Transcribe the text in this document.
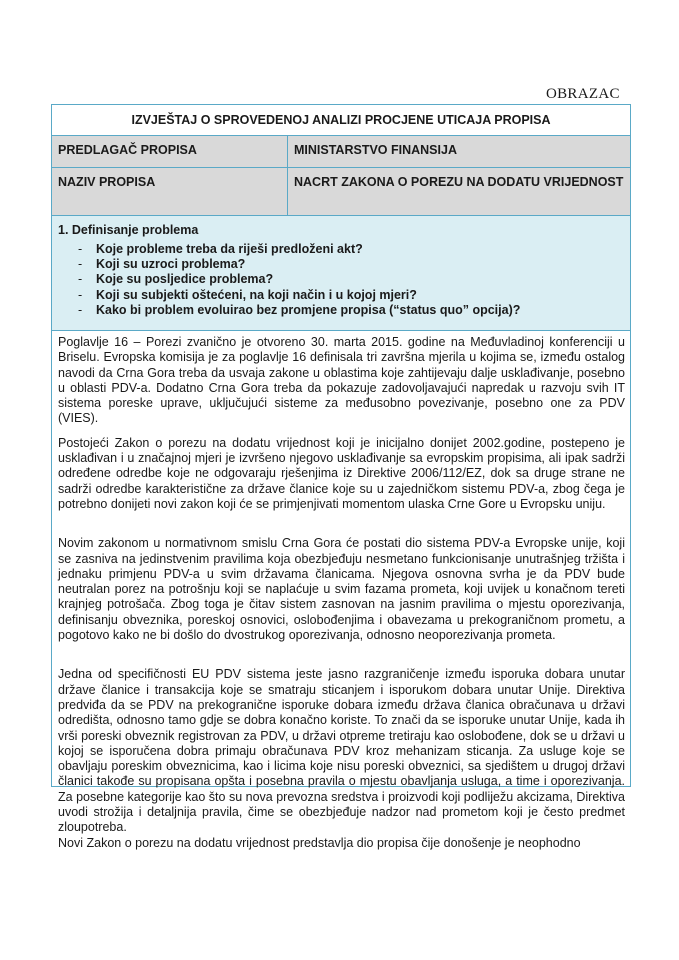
OBRAZAC
IZVJEŠTAJ O SPROVEDENOJ ANALIZI PROCJENE UTICAJA PROPISA
PREDLAGAČ PROPISA	MINISTARSTVO FINANSIJA
NAZIV PROPISA	NACRT ZAKONA O POREZU NA DODATU VRIJEDNOST
1. Definisanje problema
- Koje probleme treba da riješi predloženi akt?
- Koji su uzroci problema?
- Koje su posljedice problema?
- Koji su subjekti oštećeni, na koji način i u kojoj mjeri?
- Kako bi problem evoluirao bez promjene propisa (“status quo” opcija)?

Poglavlje 16 – Porezi zvanično je otvoreno 30. marta 2015. godine na Međuvladinoj konferenciji u Briselu. Evropska komisija je za poglavlje 16 definisala tri završna mjerila u kojima se, između ostalog navodi da Crna Gora treba da usvaja zakone u oblastima koje zahtijevaju dalje usklađivanje, posebno u oblasti PDV-a. Dodatno Crna Gora treba da pokazuje zadovoljavajući napredak u razvoju svih IT sistema poreske uprave, uključujući sisteme za međusobno povezivanje, posebno one za PDV (VIES).

Postojeći Zakon o porezu na dodatu vrijednost koji je inicijalno donijet 2002.godine, postepeno je usklađivan i u značajnoj mjeri je izvršeno njegovo usklađivanje sa evropskim propisima, ali ipak sadrži određene odredbe koje ne odgovaraju rješenjima iz Direktive 2006/112/EZ, dok sa druge strane ne sadrži odredbe karakteristične za države članice koje su u zajedničkom sistemu PDV-a, zbog čega je potrebno donijeti novi zakon koji će se primjenjivati momentom ulaska Crne Gore u Evropsku uniju.

Novim zakonom u normativnom smislu Crna Gora će postati dio sistema PDV-a Evropske unije, koji se zasniva na jedinstvenim pravilima koja obezbjeđuju nesmetano funkcionisanje unutrašnjeg tržišta i jednaku primjenu PDV-a u svim državama članicama. Njegova osnovna svrha je da PDV bude neutralan porez na potrošnju koji se naplaćuje u svim fazama prometa, koji uvijek u konačnom tereti krajnjeg potrošača. Zbog toga je čitav sistem zasnovan na jasnim pravilima o mjestu oporezivanja, definisanju obveznika, poreskoj osnovici, oslobođenjima i obavezama u prekograničnom prometu, a pogotovo kako ne bi došlo do dvostrukog oporezivanja, odnosno neoporezivanja prometa.

Jedna od specifičnosti EU PDV sistema jeste jasno razgraničenje između isporuka dobara unutar države članice i transakcija koje se smatraju sticanjem i isporukom dobara unutar Unije. Direktiva predviđa da se PDV na prekogranične isporuke dobara između država članica obračunava u državi odredišta, odnosno tamo gdje se dobra konačno koriste. To znači da se isporuke unutar Unije, kada ih vrši poreski obveznik registrovan za PDV, u državi otpreme tretiraju kao oslobođene, dok se u državi u kojoj se isporučena dobra primaju obračunava PDV kroz mehanizam sticanja. Za usluge koje se obavljaju poreskim obveznicima, kao i licima koje nisu poreski obveznici, sa sjedištem u drugoj državi članici takođe su propisana opšta i posebna pravila o mjestu obavljanja usluga, a time i oporezivanja. Za posebne kategorije kao što su nova prevozna sredstva i proizvodi koji podliježu akcizama, Direktiva uvodi strožija i detaljnija pravila, čime se obezbjeđuje nadzor nad prometom koji je često predmet zloupotreba.

Novi Zakon o porezu na dodatu vrijednost predstavlja dio propisa čije donošenje je neophodno
